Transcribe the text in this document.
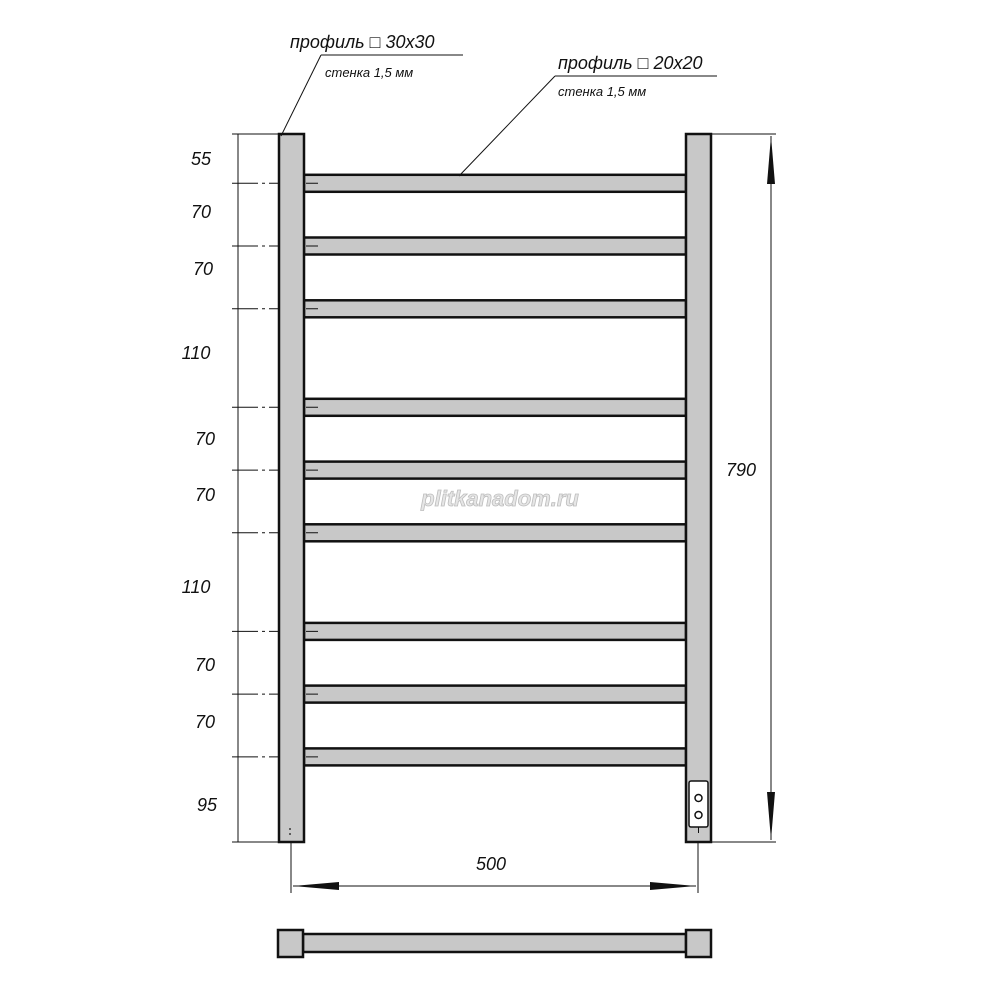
790
500
профиль □ 30x30
стенка 1,5 мм	профиль □ 20x20
стенка 1,5 мм
55
70
70
110
70
70
110
70
70
95
plitkanadom.ru
